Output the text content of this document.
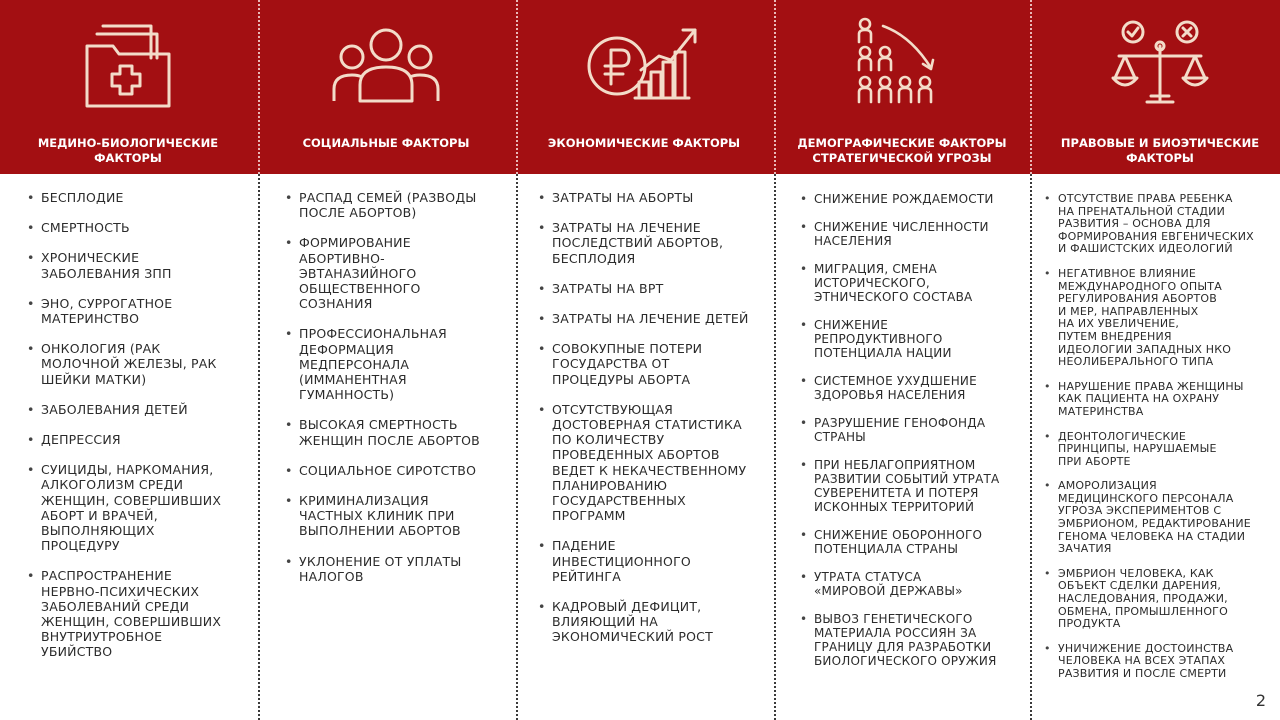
МЕДИНО-БИОЛОГИЧЕСКИЕ
ФАКТОРЫ
СОЦИАЛЬНЫЕ ФАКТОРЫ	ЭКОНОМИЧЕСКИЕ ФАКТОРЫ	ДЕМОГРАФИЧЕСКИЕ ФАКТОРЫ
СТРАТЕГИЧЕСКОЙ УГРОЗЫ
ПРАВОВЫЕ И БИОЭТИЧЕСКИЕ
ФАКТОРЫ
• БЕСПЛОДИЕ
• СМЕРТНОСТЬ
• ХРОНИЧЕСКИЕ
ЗАБОЛЕВАНИЯ ЗПП
• ЭНО, СУРРОГАТНОЕ
МАТЕРИНСТВО
• ОНКОЛОГИЯ (РАК
МОЛОЧНОЙ ЖЕЛЕЗЫ, РАК
ШЕЙКИ МАТКИ)
• ЗАБОЛЕВАНИЯ ДЕТЕЙ
• ДЕПРЕССИЯ
• СУИЦИДЫ, НАРКОМАНИЯ,
АЛКОГОЛИЗМ СРЕДИ
ЖЕНЩИН, СОВЕРШИВШИХ
АБОРТ И ВРАЧЕЙ,
ВЫПОЛНЯЮЩИХ
ПРОЦЕДУРУ
• РАСПРОСТРАНЕНИЕ
НЕРВНО-ПСИХИЧЕСКИХ
ЗАБОЛЕВАНИЙ СРЕДИ
ЖЕНЩИН, СОВЕРШИВШИХ
ВНУТРИУТРОБНОЕ
УБИЙСТВО
• РАСПАД СЕМЕЙ (РАЗВОДЫ
ПОСЛЕ АБОРТОВ)
• ФОРМИРОВАНИЕ
АБОРТИВНО-
ЭВТАНАЗИЙНОГО
ОБЩЕСТВЕННОГО
СОЗНАНИЯ
• ПРОФЕССИОНАЛЬНАЯ
ДЕФОРМАЦИЯ
МЕДПЕРСОНАЛА
(ИММАНЕНТНАЯ
ГУМАННОСТЬ)
• ВЫСОКАЯ СМЕРТНОСТЬ
ЖЕНЩИН ПОСЛЕ АБОРТОВ
• СОЦИАЛЬНОЕ СИРОТСТВО
• КРИМИНАЛИЗАЦИЯ
ЧАСТНЫХ КЛИНИК ПРИ
ВЫПОЛНЕНИИ АБОРТОВ
• УКЛОНЕНИЕ ОТ УПЛАТЫ
НАЛОГОВ
• ЗАТРАТЫ НА АБОРТЫ
• ЗАТРАТЫ НА ЛЕЧЕНИЕ
ПОСЛЕДСТВИЙ АБОРТОВ,
БЕСПЛОДИЯ
• ЗАТРАТЫ НА ВРТ
• ЗАТРАТЫ НА ЛЕЧЕНИЕ ДЕТЕЙ
• СОВОКУПНЫЕ ПОТЕРИ
ГОСУДАРСТВА ОТ
ПРОЦЕДУРЫ АБОРТА
• ОТСУТСТВУЮЩАЯ
ДОСТОВЕРНАЯ СТАТИСТИКА
ПО КОЛИЧЕСТВУ
ПРОВЕДЕННЫХ АБОРТОВ
ВЕДЕТ К НЕКАЧЕСТВЕННОМУ
ПЛАНИРОВАНИЮ
ГОСУДАРСТВЕННЫХ
ПРОГРАММ
• ПАДЕНИЕ
ИНВЕСТИЦИОННОГО
РЕЙТИНГА
• КАДРОВЫЙ ДЕФИЦИТ,
ВЛИЯЮЩИЙ НА
ЭКОНОМИЧЕСКИЙ РОСТ
• СНИЖЕНИЕ РОЖДАЕМОСТИ
• СНИЖЕНИЕ ЧИСЛЕННОСТИ
НАСЕЛЕНИЯ
• МИГРАЦИЯ, СМЕНА
ИСТОРИЧЕСКОГО,
ЭТНИЧЕСКОГО СОСТАВА
• СНИЖЕНИЕ
РЕПРОДУКТИВНОГО
ПОТЕНЦИАЛА НАЦИИ
• СИСТЕМНОЕ УХУДШЕНИЕ
ЗДОРОВЬЯ НАСЕЛЕНИЯ
• РАЗРУШЕНИЕ ГЕНОФОНДА
СТРАНЫ
• ПРИ НЕБЛАГОПРИЯТНОМ
РАЗВИТИИ СОБЫТИЙ УТРАТА
СУВЕРЕНИТЕТА И ПОТЕРЯ
ИСКОННЫХ ТЕРРИТОРИЙ
• СНИЖЕНИЕ ОБОРОННОГО
ПОТЕНЦИАЛА СТРАНЫ
• УТРАТА СТАТУСА
«МИРОВОЙ ДЕРЖАВЫ»
• ВЫВОЗ ГЕНЕТИЧЕСКОГО
МАТЕРИАЛА РОССИЯН ЗА
ГРАНИЦУ ДЛЯ РАЗРАБОТКИ
БИОЛОГИЧЕСКОГО ОРУЖИЯ
• ОТСУТСТВИЕ ПРАВА РЕБЕНКА
НА ПРЕНАТАЛЬНОЙ СТАДИИ
РАЗВИТИЯ – ОСНОВА ДЛЯ
ФОРМИРОВАНИЯ ЕВГЕНИЧЕСКИХ
И ФАШИСТСКИХ ИДЕОЛОГИЙ
• НЕГАТИВНОЕ ВЛИЯНИЕ
МЕЖДУНАРОДНОГО ОПЫТА
РЕГУЛИРОВАНИЯ АБОРТОВ
И МЕР, НАПРАВЛЕННЫХ
НА ИХ УВЕЛИЧЕНИЕ,
ПУТЕМ ВНЕДРЕНИЯ
ИДЕОЛОГИИ ЗАПАДНЫХ НКО
НЕОЛИБЕРАЛЬНОГО ТИПА
• НАРУШЕНИЕ ПРАВА ЖЕНЩИНЫ
КАК ПАЦИЕНТА НА ОХРАНУ
МАТЕРИНСТВА
• ДЕОНТОЛОГИЧЕСКИЕ
ПРИНЦИПЫ, НАРУШАЕМЫЕ
ПРИ АБОРТЕ
• АМОРОЛИЗАЦИЯ
МЕДИЦИНСКОГО ПЕРСОНАЛА
УГРОЗА ЭКСПЕРИМЕНТОВ С
ЭМБРИОНОМ, РЕДАКТИРОВАНИЕ
ГЕНОМА ЧЕЛОВЕКА НА СТАДИИ
ЗАЧАТИЯ
• ЭМБРИОН ЧЕЛОВЕКА, КАК
ОБЪЕКТ СДЕЛКИ ДАРЕНИЯ,
НАСЛЕДОВАНИЯ, ПРОДАЖИ,
ОБМЕНА, ПРОМЫШЛЕННОГО
ПРОДУКТА
• УНИЧИЖЕНИЕ ДОСТОИНСТВА
ЧЕЛОВЕКА НА ВСЕХ ЭТАПАХ
РАЗВИТИЯ И ПОСЛЕ СМЕРТИ
2
